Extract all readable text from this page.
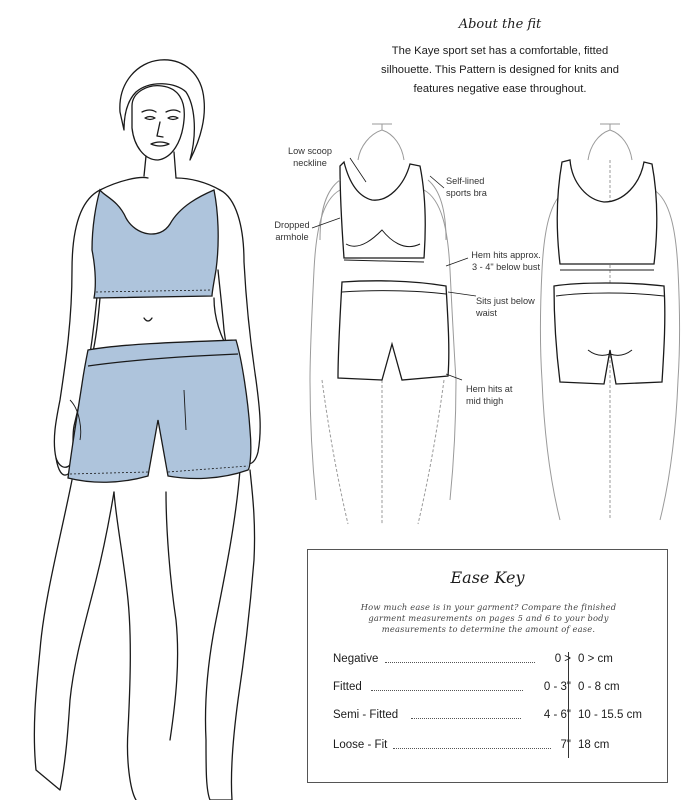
About the fit
The Kaye sport set has a comfortable, fitted silhouette. This Pattern is designed for knits and features negative ease throughout.
Low scoop neckline
Dropped armhole
Self-lined sports bra
Hem hits approx. 3 - 4" below bust
Sits just below waist
Hem hits at mid thigh
Ease Key
How much ease is in your garment? Compare the finished garment measurements on pages 5 and 6 to your body measurements to determine the amount of ease.
Negative	0 > 0 > cm
Fitted	0 - 3" 0 - 8 cm
Semi - Fitted	4 - 6" 10 - 15.5 cm
Loose - Fit	7" 18 cm
